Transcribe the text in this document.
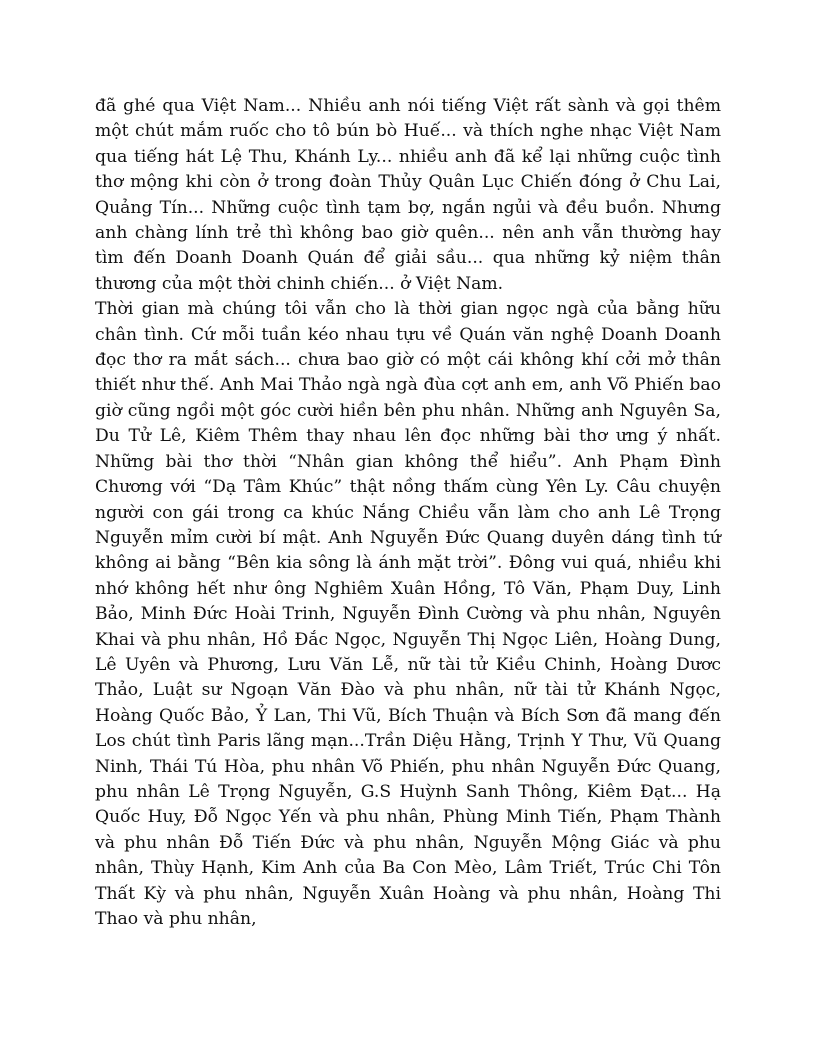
đã ghé qua Việt Nam... Nhiều anh nói tiếng Việt rất sành và gọi thêm một chút mắm ruốc cho tô bún bò Huế... và thích nghe nhạc Việt Nam qua tiếng hát Lệ Thu, Khánh Ly... nhiều anh đã kể lại những cuộc tình thơ mộng khi còn ở trong đoàn Thủy Quân Lục Chiến đóng ở Chu Lai, Quảng Tín... Những cuộc tình tạm bợ, ngắn ngủi và đều buồn. Nhưng anh chàng lính trẻ thì không bao giờ quên... nên anh vẫn thường hay tìm đến Doanh Doanh Quán để giải sầu... qua những kỷ niệm thân thương của một thời chinh chiến... ở Việt Nam.

Thời gian mà chúng tôi vẫn cho là thời gian ngọc ngà của bằng hữu chân tình. Cứ mỗi tuần kéo nhau tựu về Quán văn nghệ Doanh Doanh đọc thơ ra mắt sách... chưa bao giờ có một cái không khí cởi mở thân thiết như thế. Anh Mai Thảo ngà ngà đùa cợt anh em, anh Võ Phiến bao giờ cũng ngồi một góc cười hiền bên phu nhân. Những anh Nguyên Sa, Du Tử Lê, Kiêm Thêm thay nhau lên đọc những bài thơ ưng ý nhất. Những bài thơ thời “Nhân gian không thể hiểu”. Anh Phạm Đình Chương với “Dạ Tâm Khúc” thật nồng thấm cùng Yên Ly. Câu chuyện người con gái trong ca khúc Nắng Chiều vẫn làm cho anh Lê Trọng Nguyễn mỉm cười bí mật. Anh Nguyễn Đức Quang duyên dáng tình tứ không ai bằng “Bên kia sông là ánh mặt trời”. Đông vui quá, nhiều khi nhớ không hết như ông Nghiêm Xuân Hồng, Tô Văn, Phạm Duy, Linh Bảo, Minh Đức Hoài Trinh, Nguyễn Đình Cường và phu nhân, Nguyên Khai và phu nhân, Hồ Đắc Ngọc, Nguyễn Thị Ngọc Liên, Hoàng Dung, Lê Uyên và Phương, Lưu Văn Lễ, nữ tài tử Kiều Chinh, Hoàng Dươc Thảo, Luật sư Ngoạn Văn Đào và phu nhân, nữ tài tử Khánh Ngọc, Hoàng Quốc Bảo, Ỷ Lan, Thi Vũ, Bích Thuận và Bích Sơn đã mang đến Los chút tình Paris lãng mạn...Trần Diệu Hằng, Trịnh Y Thư, Vũ Quang Ninh, Thái Tú Hòa, phu nhân Võ Phiến, phu nhân Nguyễn Đức Quang, phu nhân Lê Trọng Nguyễn, G.S Huỳnh Sanh Thông, Kiêm Đạt... Hạ Quốc Huy, Đỗ Ngọc Yến và phu nhân, Phùng Minh Tiến, Phạm Thành và phu nhân Đỗ Tiến Đức và phu nhân, Nguyễn Mộng Giác và phu nhân, Thùy Hạnh, Kim Anh của Ba Con Mèo, Lâm Triết, Trúc Chi Tôn Thất Kỳ và phu nhân, Nguyễn Xuân Hoàng và phu nhân, Hoàng Thi Thao và phu nhân,
